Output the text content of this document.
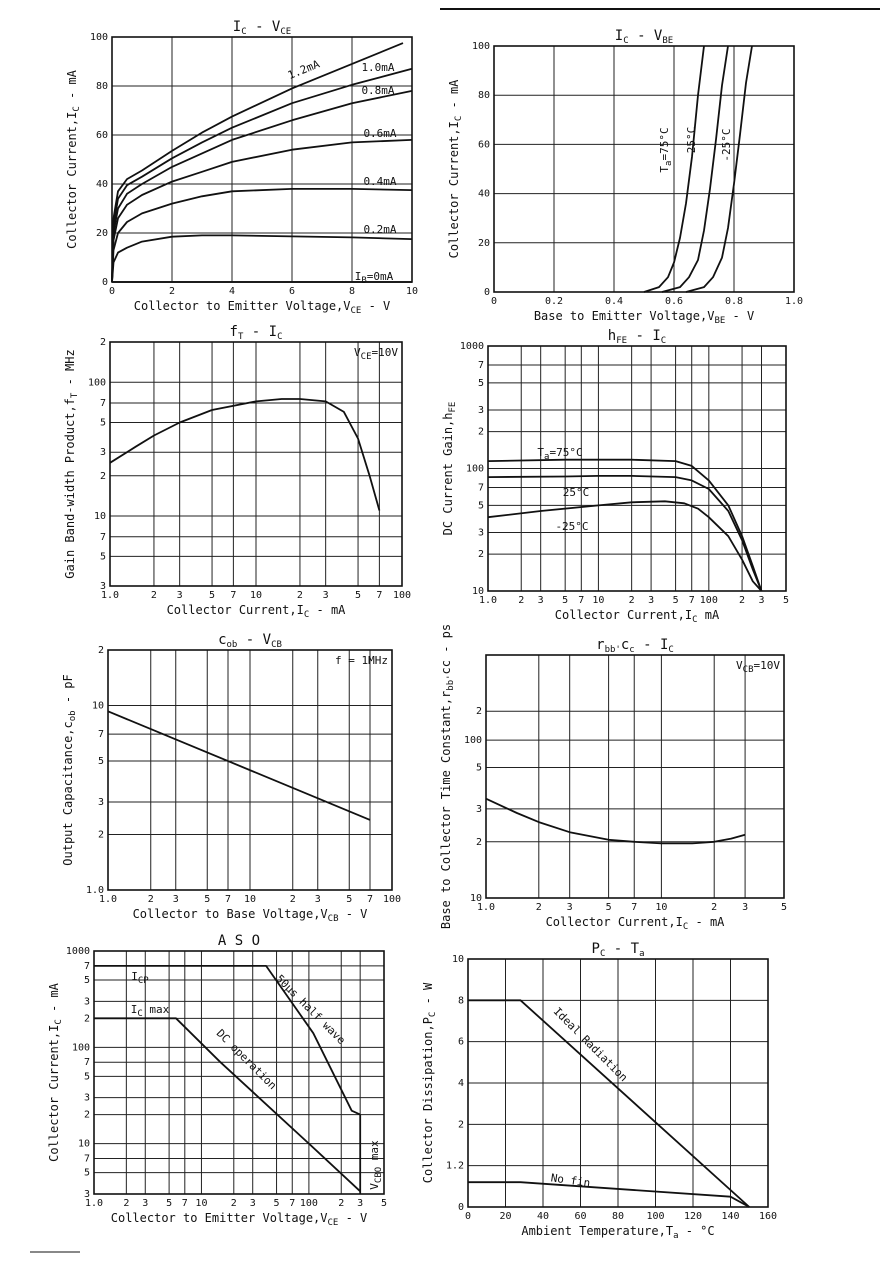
0	2	4	6	8	10
0
20
40
60
80
100
$I_C - V_{CE}$
Collector to Emitter $Voltage,V_{CE}$ - V
Collector $Current,I_C$ - mA
$I_B=0mA$
0.2mA
0.4mA
0.6mA
0.8mA
1.0mA
1.2mA
0	0.2	0.4	0.6	0.8	1.0
0
20
40
60
80
100
$I_C - V_{BE}$
Base to Emitter $Voltage,V_{BE}$ - V
Collector $Current,I_C$ - mA
$T_a=75^\circ C$ 25°C -25°C
1.0	2 3	5 7 10	2 3	5 7 100
3
5
7
10
2
3
5
7
100
2
$f_T - I_C$
Collector $Current,I_C$ - mA
Gain Band-width $Product,f_T$ - MHz	$V_{CE}=10V$
1.0 2 3 5 7 10 2 3 5 7 100 2 3 5
10
2
3
5
7
100
2
3
5
7
1000
$h_{FE} - I_C$
Collector $Current,I_C$ mA
DC Current $Gain,h_{FE}$
$T_a=75^\circ C$
25°C
-25°C
1.0	2 3	5 7 10	2 3	5 7 100
1.0
2
3
5
7
10
2
$c_{ob} - V_{CB}$
Collector to Base $Voltage,V_{CB}$ - V
Output $Capacitance,c_{ob}$ - pF
f = 1MHz
1.0	2 3	5 7 10	2 3	5
10
2
3
5
100
2
$r_{bb'}c_c - I_C$
Collector $Current,I_C$ - mA
Base to Collector Time $Constant,r_{bb'}cc$ - ps	$V_{CB}=10V$
1.0 2 3 5 7 10 2 3 5 7 100 2 3 5
3
5
7
10
2
3
5
7
100
2
3
5
7
1000
A S O
Collector to Emitter $Voltage,V_{CE}$ - V
Collector $Current,I_C$ - mA
$I_{CP}$
$I_C$ max	50μs half wave
DC operation
$V_{CBO}$ max
0	20	40	60	80 100 120 140 160
0
1.2
2
4
6
8
10
$P_C - T_a$
Ambient $Temperature,T_a - ^\circ C$
Collector $Dissipation,P_C$ - W
Ideal Radiation
No fin
